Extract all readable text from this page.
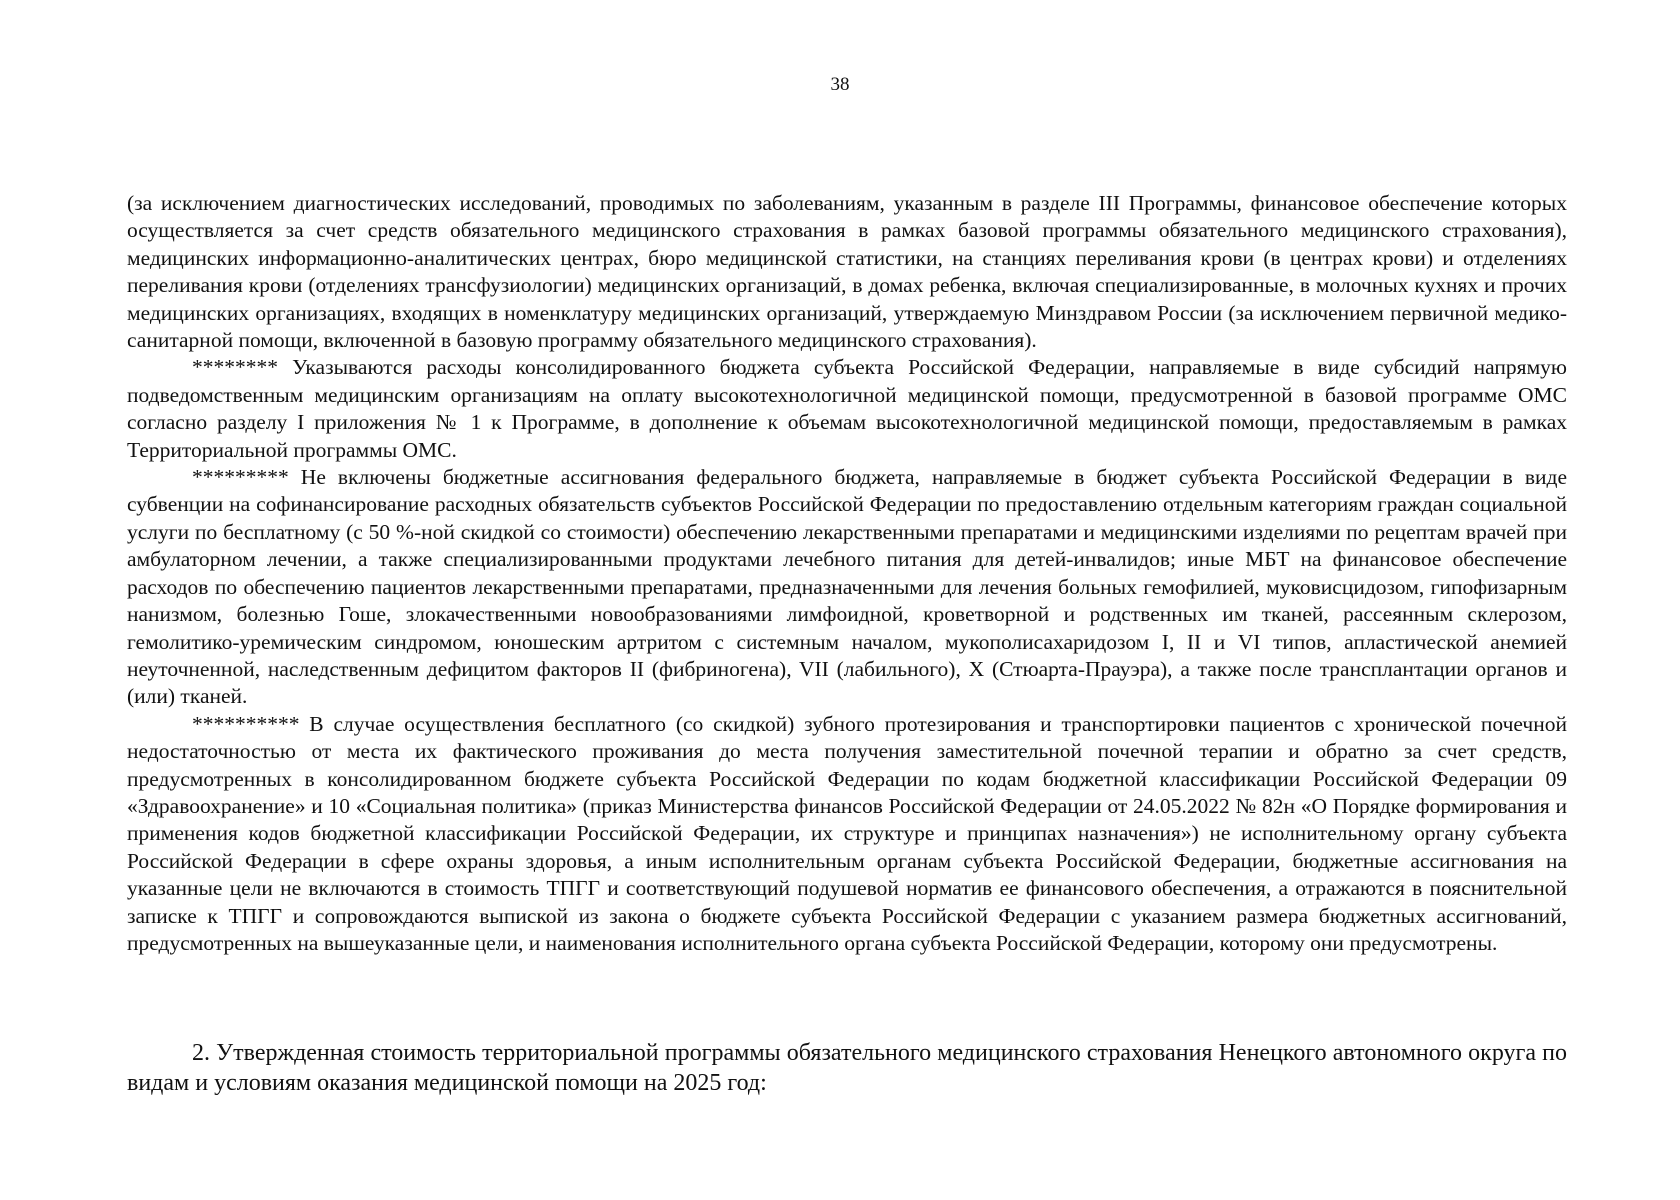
38

(за исключением диагностических исследований, проводимых по заболеваниям, указанным в разделе III Программы, финансовое обеспечение которых осуществляется за счет средств обязательного медицинского страхования в рамках базовой программы обязательного медицинского страхования), медицинских информационно-аналитических центрах, бюро медицинской статистики, на станциях переливания крови (в центрах крови) и отделениях переливания крови (отделениях трансфузиологии) медицинских организаций, в домах ребенка, включая специализированные, в молочных кухнях и прочих медицинских организациях, входящих в номенклатуру медицинских организаций, утверждаемую Минздравом России (за исключением первичной медико-санитарной помощи, включенной в базовую программу обязательного медицинского страхования).

******** Указываются расходы консолидированного бюджета субъекта Российской Федерации, направляемые в виде субсидий напрямую подведомственным медицинским организациям на оплату высокотехнологичной медицинской помощи, предусмотренной в базовой программе ОМС согласно разделу I приложения № 1 к Программе, в дополнение к объемам высокотехнологичной медицинской помощи, предоставляемым в рамках Территориальной программы ОМС.

********* Не включены бюджетные ассигнования федерального бюджета, направляемые в бюджет субъекта Российской Федерации в виде субвенции на софинансирование расходных обязательств субъектов Российской Федерации по предоставлению отдельным категориям граждан социальной услуги по бесплатному (с 50 %-ной скидкой со стоимости) обеспечению лекарственными препаратами и медицинскими изделиями по рецептам врачей при амбулаторном лечении, а также специализированными продуктами лечебного питания для детей-инвалидов; иные МБТ на финансовое обеспечение расходов по обеспечению пациентов лекарственными препаратами, предназначенными для лечения больных гемофилией, муковисцидозом, гипофизарным нанизмом, болезнью Гоше, злокачественными новообразованиями лимфоидной, кроветворной и родственных им тканей, рассеянным склерозом, гемолитико-уремическим синдромом, юношеским артритом с системным началом, мукополисахаридозом I, II и VI типов, апластической анемией неуточненной, наследственным дефицитом факторов II (фибриногена), VII (лабильного), X (Стюарта-Прауэра), а также после трансплантации органов и (или) тканей.

********** В случае осуществления бесплатного (со скидкой) зубного протезирования и транспортировки пациентов с хронической почечной недостаточностью от места их фактического проживания до места получения заместительной почечной терапии и обратно за счет средств, предусмотренных в консолидированном бюджете субъекта Российской Федерации по кодам бюджетной классификации Российской Федерации 09 «Здравоохранение» и 10 «Социальная политика» (приказ Министерства финансов Российской Федерации от 24.05.2022 № 82н «О Порядке формирования и применения кодов бюджетной классификации Российской Федерации, их структуре и принципах назначения») не исполнительному органу субъекта Российской Федерации в сфере охраны здоровья, а иным исполнительным органам субъекта Российской Федерации, бюджетные ассигнования на указанные цели не включаются в стоимость ТПГГ и соответствующий подушевой норматив ее финансового обеспечения, а отражаются в пояснительной записке к ТПГГ и сопровождаются выпиской из закона о бюджете субъекта Российской Федерации с указанием размера бюджетных ассигнований, предусмотренных на вышеуказанные цели, и наименования исполнительного органа субъекта Российской Федерации, которому они предусмотрены.

2. Утвержденная стоимость территориальной программы обязательного медицинского страхования Ненецкого автономного округа по видам и условиям оказания медицинской помощи на 2025 год:
